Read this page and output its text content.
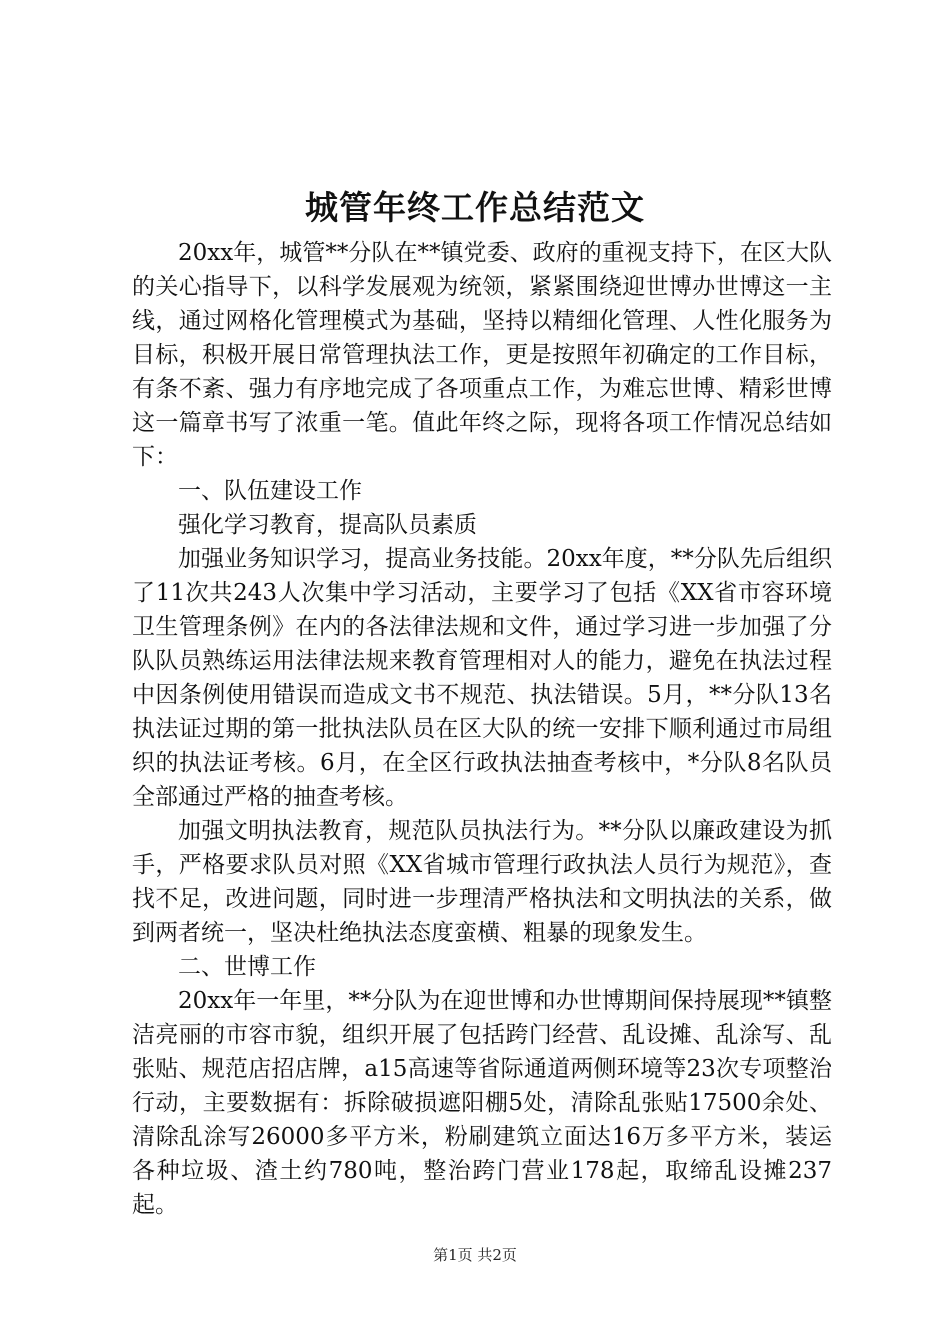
城管年终工作总结范文

20xx年，城管**分队在**镇党委、政府的重视支持下，在区大队的关心指导下，以科学发展观为统领，紧紧围绕迎世博办世博这一主线，通过网格化管理模式为基础，坚持以精细化管理、人性化服务为目标，积极开展日常管理执法工作，更是按照年初确定的工作目标，有条不紊、强力有序地完成了各项重点工作，为难忘世博、精彩世博这一篇章书写了浓重一笔。值此年终之际，现将各项工作情况总结如下：

一、队伍建设工作

强化学习教育，提高队员素质

加强业务知识学习，提高业务技能。20xx年度，**分队先后组织了11次共243人次集中学习活动，主要学习了包括《XX省市容环境卫生管理条例》在内的各法律法规和文件，通过学习进一步加强了分队队员熟练运用法律法规来教育管理相对人的能力，避免在执法过程中因条例使用错误而造成文书不规范、执法错误。5月，**分队13名执法证过期的第一批执法队员在区大队的统一安排下顺利通过市局组织的执法证考核。6月，在全区行政执法抽查考核中，*分队8名队员全部通过严格的抽查考核。

加强文明执法教育，规范队员执法行为。**分队以廉政建设为抓手，严格要求队员对照《XX省城市管理行政执法人员行为规范》，查找不足，改进问题，同时进一步理清严格执法和文明执法的关系，做到两者统一，坚决杜绝执法态度蛮横、粗暴的现象发生。

二、世博工作

20xx年一年里，**分队为在迎世博和办世博期间保持展现**镇整洁亮丽的市容市貌，组织开展了包括跨门经营、乱设摊、乱涂写、乱张贴、规范店招店牌，a15高速等省际通道两侧环境等23次专项整治行动，主要数据有：拆除破损遮阳棚5处，清除乱张贴17500余处、清除乱涂写26000多平方米，粉刷建筑立面达16万多平方米，装运各种垃圾、渣土约780吨，整治跨门营业178起，取缔乱设摊237起。

第1页 共2页
